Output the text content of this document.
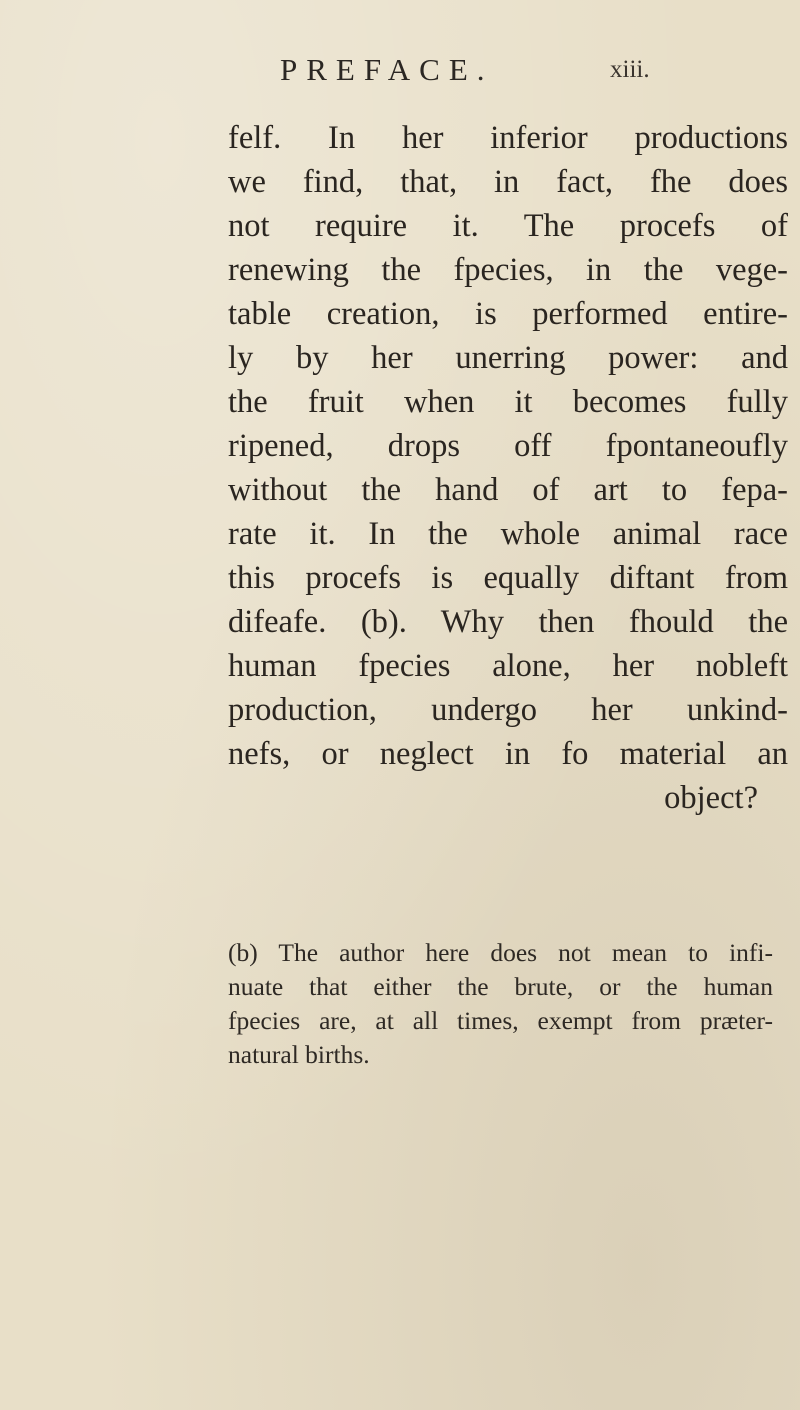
PREFACE.	xiii.
felf. In her inferior productions
we find, that, in fact, fhe does
not require it. The procefs of
renewing the fpecies, in the vege-
table creation, is performed entire-
ly by her unerring power: and
the fruit when it becomes fully
ripened, drops off fpontaneoufly
without the hand of art to fepa-
rate it. In the whole animal race
this procefs is equally diftant from
difeafe. (b). Why then fhould the
human fpecies alone, her nobleft
production, undergo her unkind-
nefs, or neglect in fo material an
object?
(b) The author here does not mean to infi-
nuate that either the brute, or the human
fpecies are, at all times, exempt from præter-
natural births.
